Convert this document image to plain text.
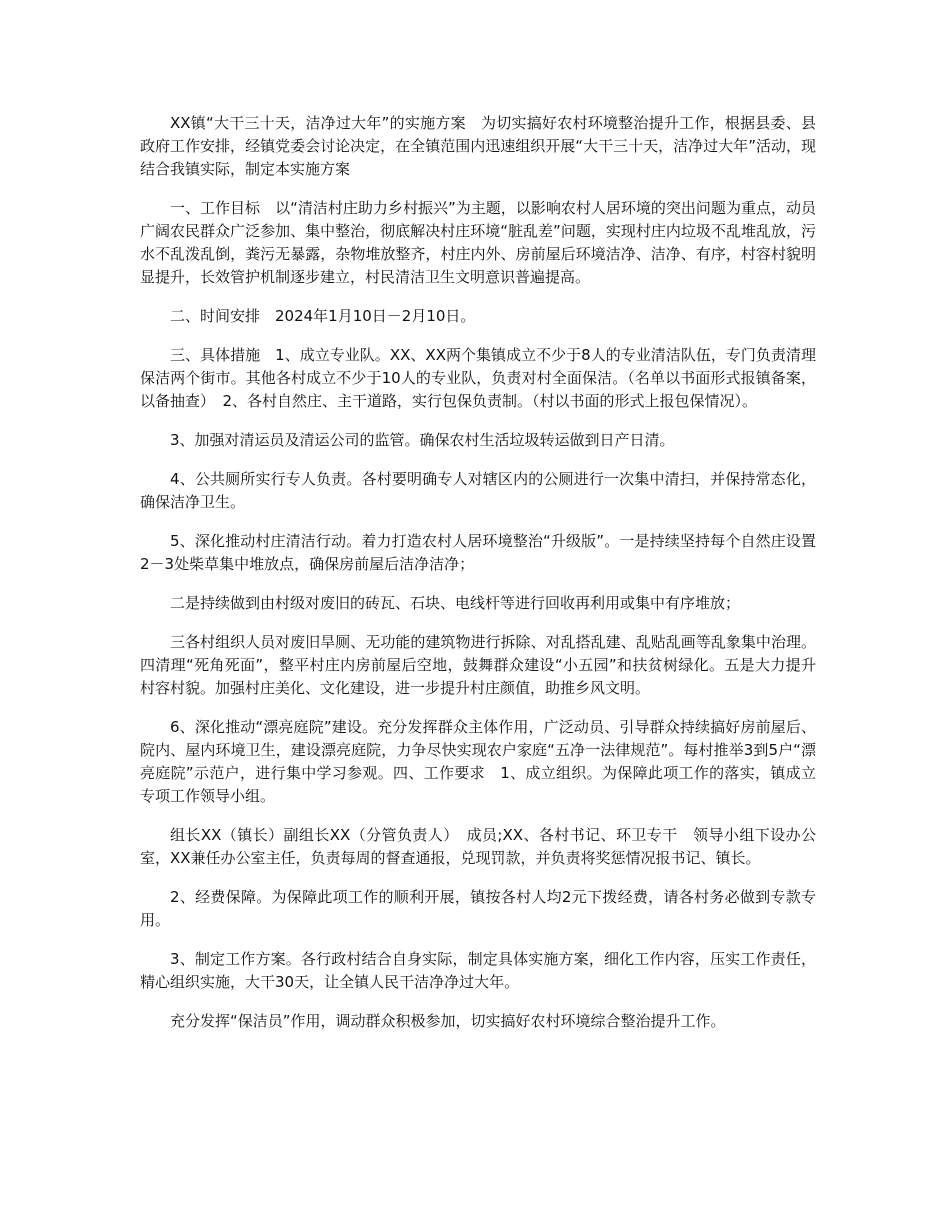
XX镇“大干三十天，洁净过大年”的实施方案　为切实搞好农村环境整治提升工作，根据县委、县政府工作安排，经镇党委会讨论决定，在全镇范围内迅速组织开展“大干三十天，洁净过大年”活动，现结合我镇实际，制定本实施方案

一、工作目标　以“清洁村庄助力乡村振兴”为主题，以影响农村人居环境的突出问题为重点，动员广阔农民群众广泛参加、集中整治，彻底解决村庄环境“脏乱差”问题，实现村庄内垃圾不乱堆乱放，污水不乱泼乱倒，粪污无暴露，杂物堆放整齐，村庄内外、房前屋后环境洁净、洁净、有序，村容村貌明显提升，长效管护机制逐步建立，村民清洁卫生文明意识普遍提高。

二、时间安排　2024年1月10日－2月10日。

三、具体措施　1、成立专业队。XX、XX两个集镇成立不少于8人的专业清洁队伍，专门负责清理保洁两个街市。其他各村成立不少于10人的专业队，负责对村全面保洁。（名单以书面形式报镇备案，以备抽查）　2、各村自然庄、主干道路，实行包保负责制。（村以书面的形式上报包保情况）。

3、加强对清运员及清运公司的监管。确保农村生活垃圾转运做到日产日清。

4、公共厕所实行专人负责。各村要明确专人对辖区内的公厕进行一次集中清扫，并保持常态化，确保洁净卫生。

5、深化推动村庄清洁行动。着力打造农村人居环境整治“升级版”。一是持续坚持每个自然庄设置2－3处柴草集中堆放点，确保房前屋后洁净洁净；

二是持续做到由村级对废旧的砖瓦、石块、电线杆等进行回收再利用或集中有序堆放；

三各村组织人员对废旧旱厕、无功能的建筑物进行拆除、对乱搭乱建、乱贴乱画等乱象集中治理。四清理“死角死面”，整平村庄内房前屋后空地，鼓舞群众建设“小五园”和扶贫树绿化。五是大力提升村容村貌。加强村庄美化、文化建设，进一步提升村庄颜值，助推乡风文明。

6、深化推动“漂亮庭院”建设。充分发挥群众主体作用，广泛动员、引导群众持续搞好房前屋后、院内、屋内环境卫生，建设漂亮庭院，力争尽快实现农户家庭“五净一法律规范”。每村推举3到5户“漂亮庭院”示范户，进行集中学习参观。四、工作要求　1、成立组织。为保障此项工作的落实，镇成立专项工作领导小组。

组长XX（镇长）副组长XX（分管负责人）　成员;XX、各村书记、环卫专干　领导小组下设办公室，XX兼任办公室主任，负责每周的督查通报，兑现罚款，并负责将奖惩情况报书记、镇长。

2、经费保障。为保障此项工作的顺利开展，镇按各村人均2元下拨经费，请各村务必做到专款专用。

3、制定工作方案。各行政村结合自身实际，制定具体实施方案，细化工作内容，压实工作责任，精心组织实施，大干30天，让全镇人民干洁净净过大年。

充分发挥“保洁员”作用，调动群众积极参加，切实搞好农村环境综合整治提升工作。
